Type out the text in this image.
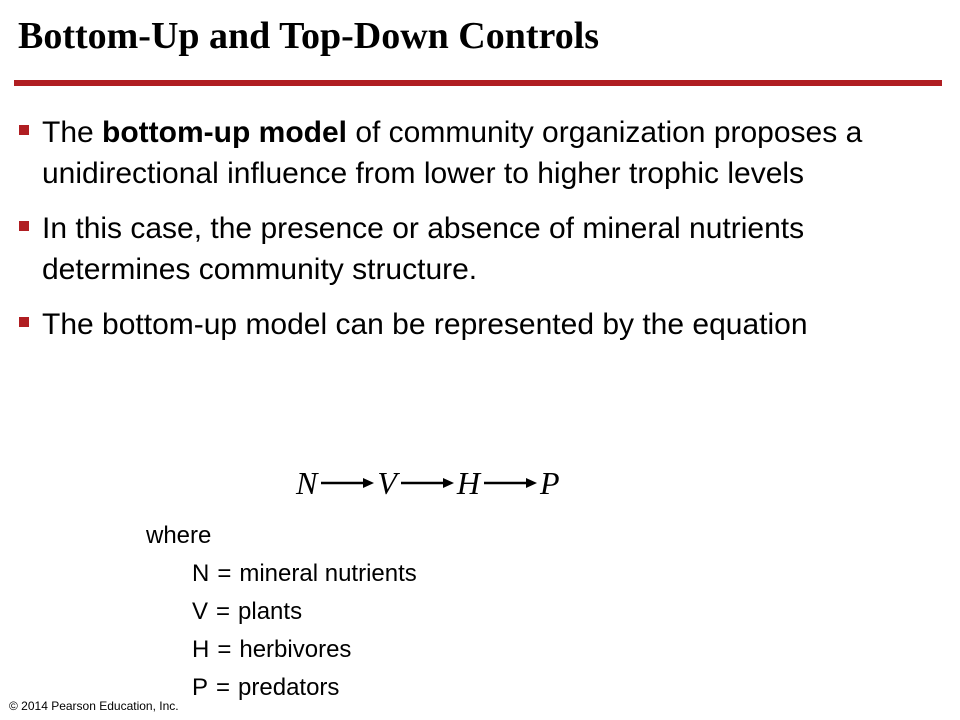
Bottom-Up and Top-Down Controls
The bottom-up model of community organization proposes a unidirectional influence from lower to higher trophic levels
In this case, the presence or absence of mineral nutrients determines community structure.
The bottom-up model can be represented by the equation
N V H P
where
N = mineral nutrients
V = plants
H = herbivores
P = predators
© 2014 Pearson Education, Inc.
